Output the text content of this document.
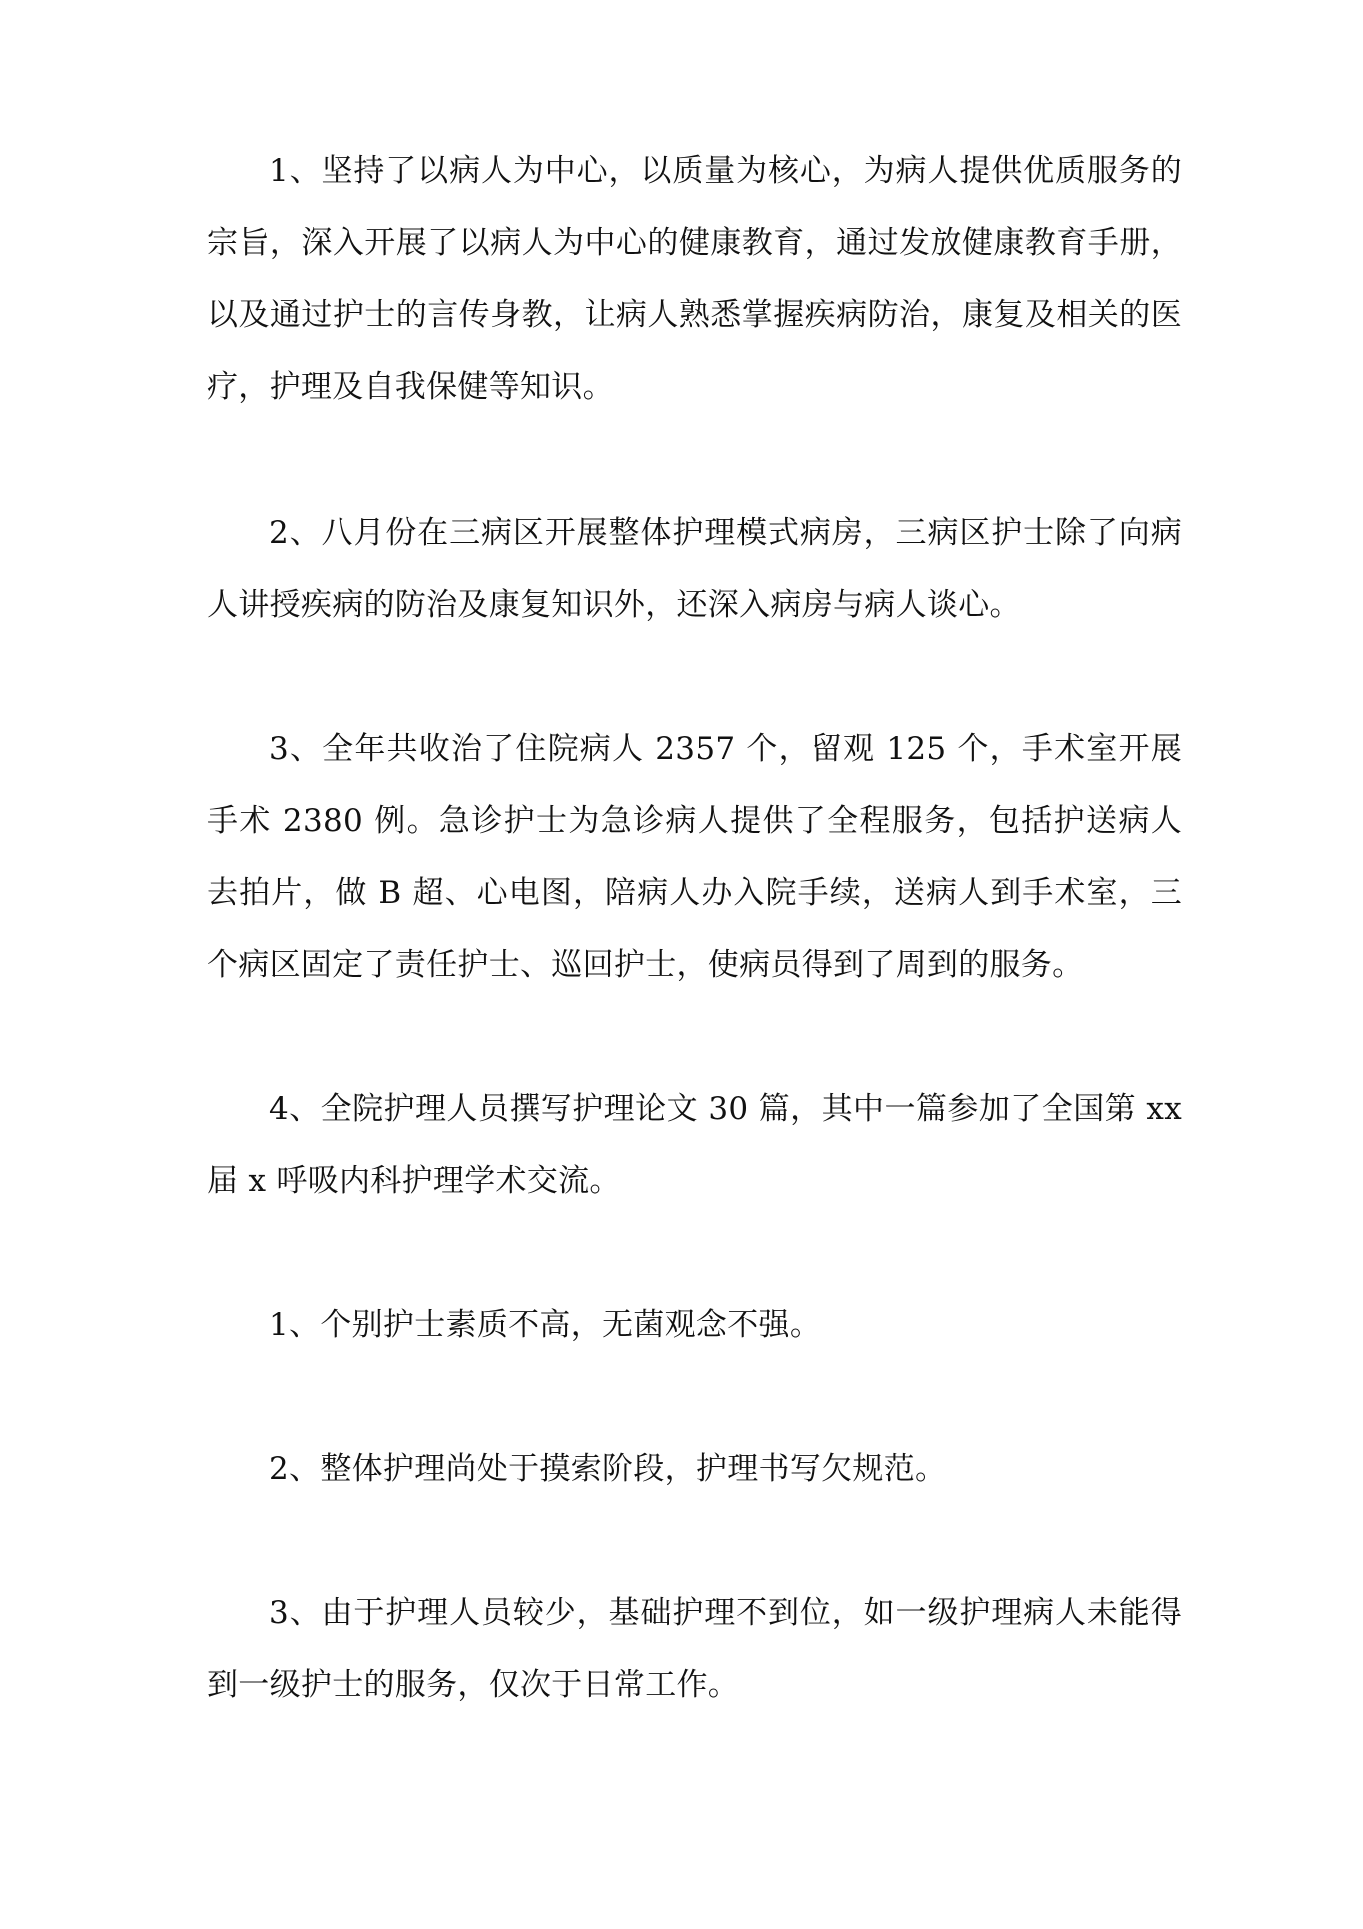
1、坚持了以病人为中心，以质量为核心，为病人提供优质服务的宗旨，深入开展了以病人为中心的健康教育，通过发放健康教育手册，以及通过护士的言传身教，让病人熟悉掌握疾病防治，康复及相关的医疗，护理及自我保健等知识。

2、八月份在三病区开展整体护理模式病房，三病区护士除了向病人讲授疾病的防治及康复知识外，还深入病房与病人谈心。

3、全年共收治了住院病人 2357 个，留观 125 个，手术室开展手术 2380 例。急诊护士为急诊病人提供了全程服务，包括护送病人去拍片，做 B 超、心电图，陪病人办入院手续，送病人到手术室，三个病区固定了责任护士、巡回护士，使病员得到了周到的服务。

4、全院护理人员撰写护理论文 30 篇，其中一篇参加了全国第 xx 届 x 呼吸内科护理学术交流。

1、个别护士素质不高，无菌观念不强。

2、整体护理尚处于摸索阶段，护理书写欠规范。

3、由于护理人员较少，基础护理不到位，如一级护理病人未能得到一级护士的服务，仅次于日常工作。
